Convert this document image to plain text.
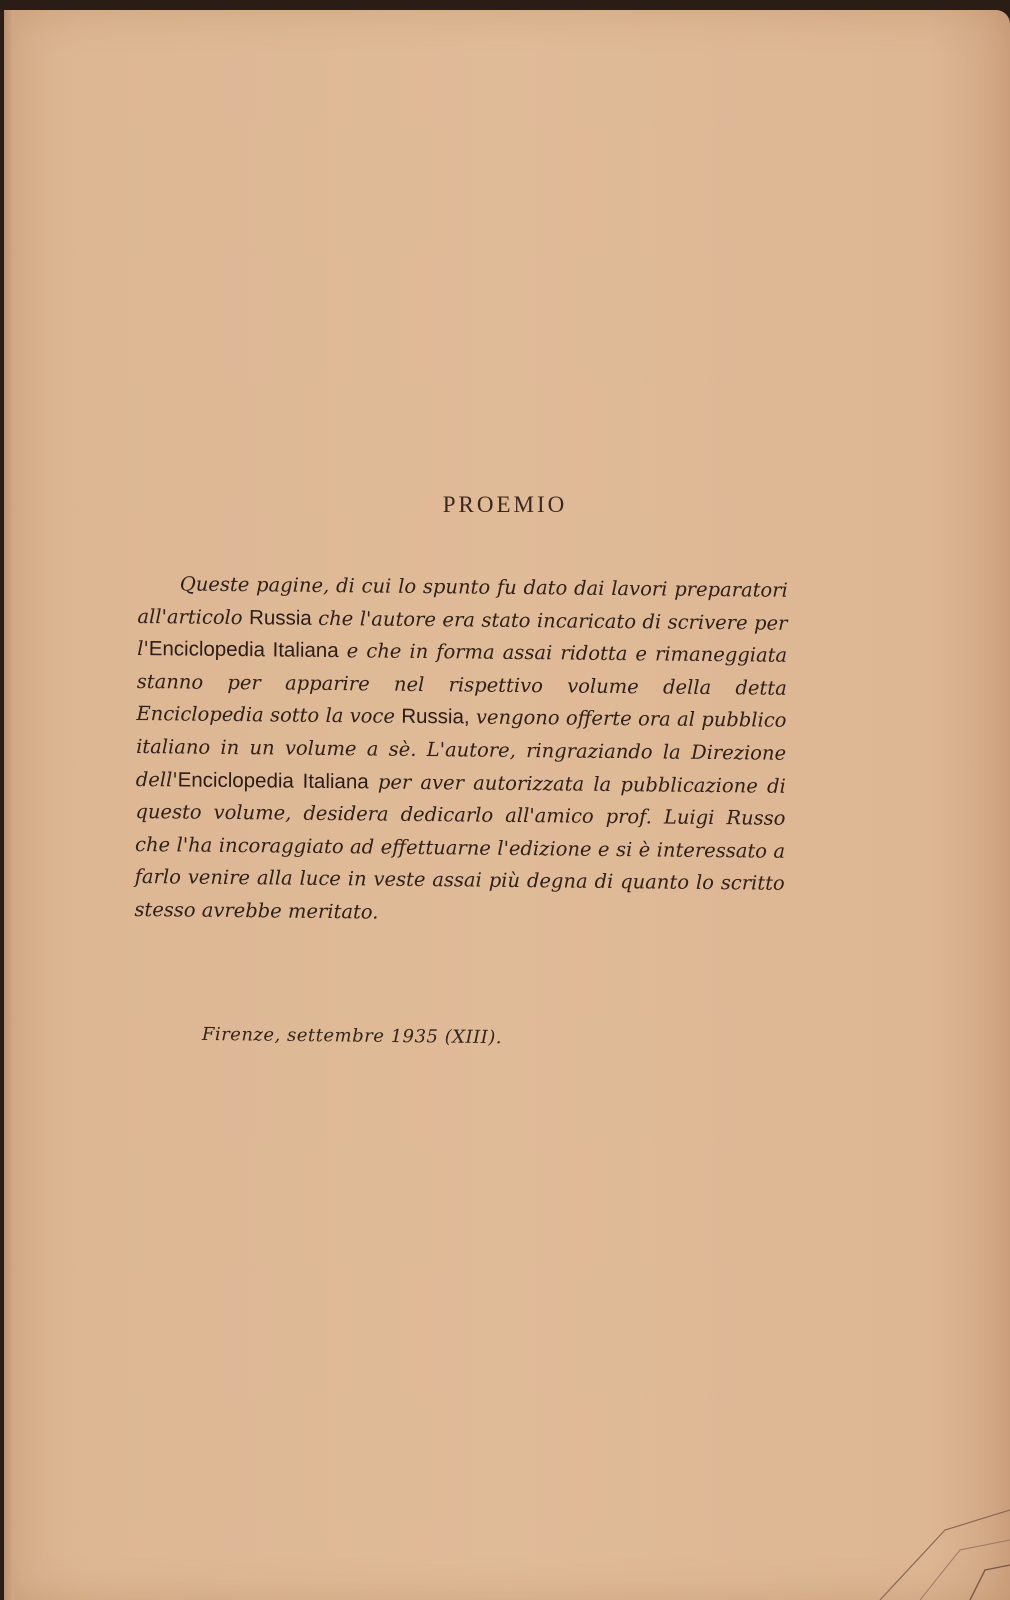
PROEMIO
Queste pagine, di cui lo spunto fu dato dai lavori preparatori all'articolo Russia che l'autore era stato incaricato di scrivere per l'Enciclopedia Italiana e che in forma assai ridotta e rimaneggiata stanno per apparire nel rispettivo volume della detta Enciclopedia sotto la voce Russia, vengono offerte ora al pubblico italiano in un volume a sè. L'autore, ringraziando la Direzione dell'Enciclopedia Italiana per aver autorizzata la pubblicazione di questo volume, desidera dedicarlo all'amico prof. Luigi Russo che l'ha incoraggiato ad effettuarne l'edizione e si è interessato a farlo venire alla luce in veste assai più degna di quanto lo scritto stesso avrebbe meritato.
Firenze, settembre 1935 (XIII).
